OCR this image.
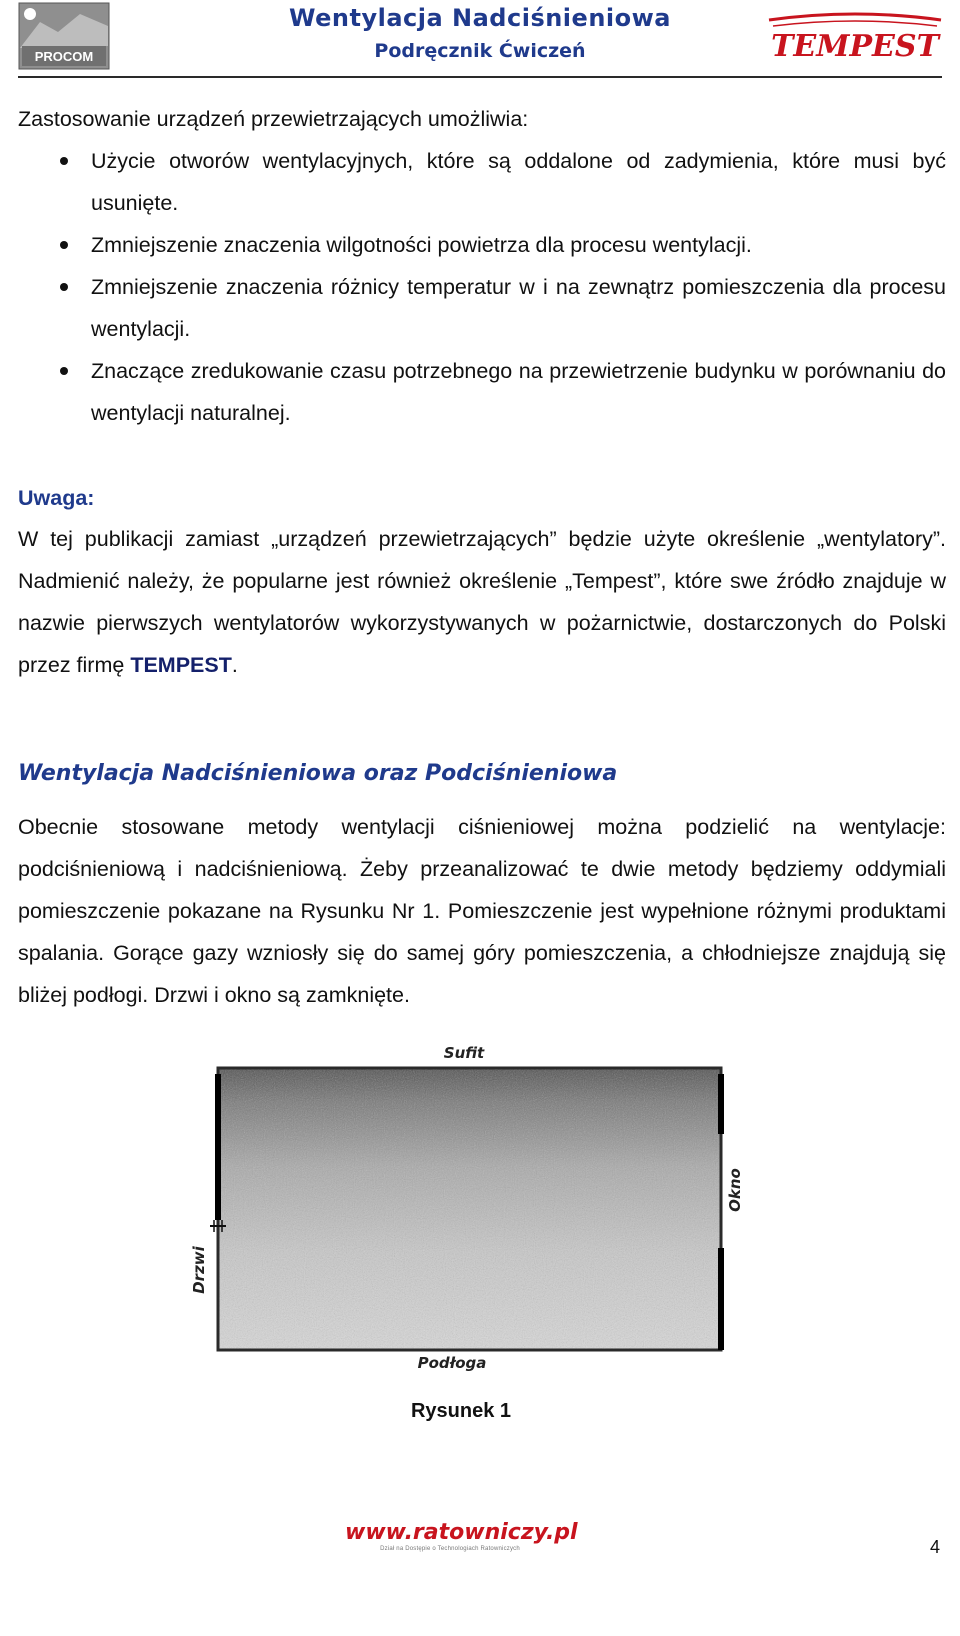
PROCOM
Wentylacja Nadciśnieniowa
Podręcznik Ćwiczeń	TEMPEST

Zastosowanie urządzeń przewietrzających umożliwia:

Użycie otworów wentylacyjnych, które są oddalone od zadymienia, które musi być usunięte.
Zmniejszenie znaczenia wilgotności powietrza dla procesu wentylacji.
Zmniejszenie znaczenia różnicy temperatur w i na zewnątrz pomieszczenia dla procesu wentylacji.
Znaczące zredukowanie czasu potrzebnego na przewietrzenie budynku w porównaniu do wentylacji naturalnej.
Uwaga:

W tej publikacji zamiast „urządzeń przewietrzających” będzie użyte określenie „wentylatory”. Nadmienić należy, że popularne jest również określenie „Tempest”, które swe źródło znajduje w nazwie pierwszych wentylatorów wykorzystywanych w pożarnictwie, dostarczonych do Polski przez firmę TEMPEST.

Wentylacja Nadciśnieniowa oraz Podciśnieniowa

Obecnie stosowane metody wentylacji ciśnieniowej można podzielić na wentylacje: podciśnieniową i nadciśnieniową. Żeby przeanalizować te dwie metody będziemy oddymiali pomieszczenie pokazane na Rysunku Nr 1. Pomieszczenie jest wypełnione różnymi produktami spalania. Gorące gazy wzniosły się do samej góry pomieszczenia, a chłodniejsze znajdują się bliżej podłogi. Drzwi i okno są zamknięte.

Sufit
Drzwi
Okno
Podłoga
Rysunek 1
www.ratowniczy.pl
Dział na Dostępie o Technologiach Ratowniczych	4
